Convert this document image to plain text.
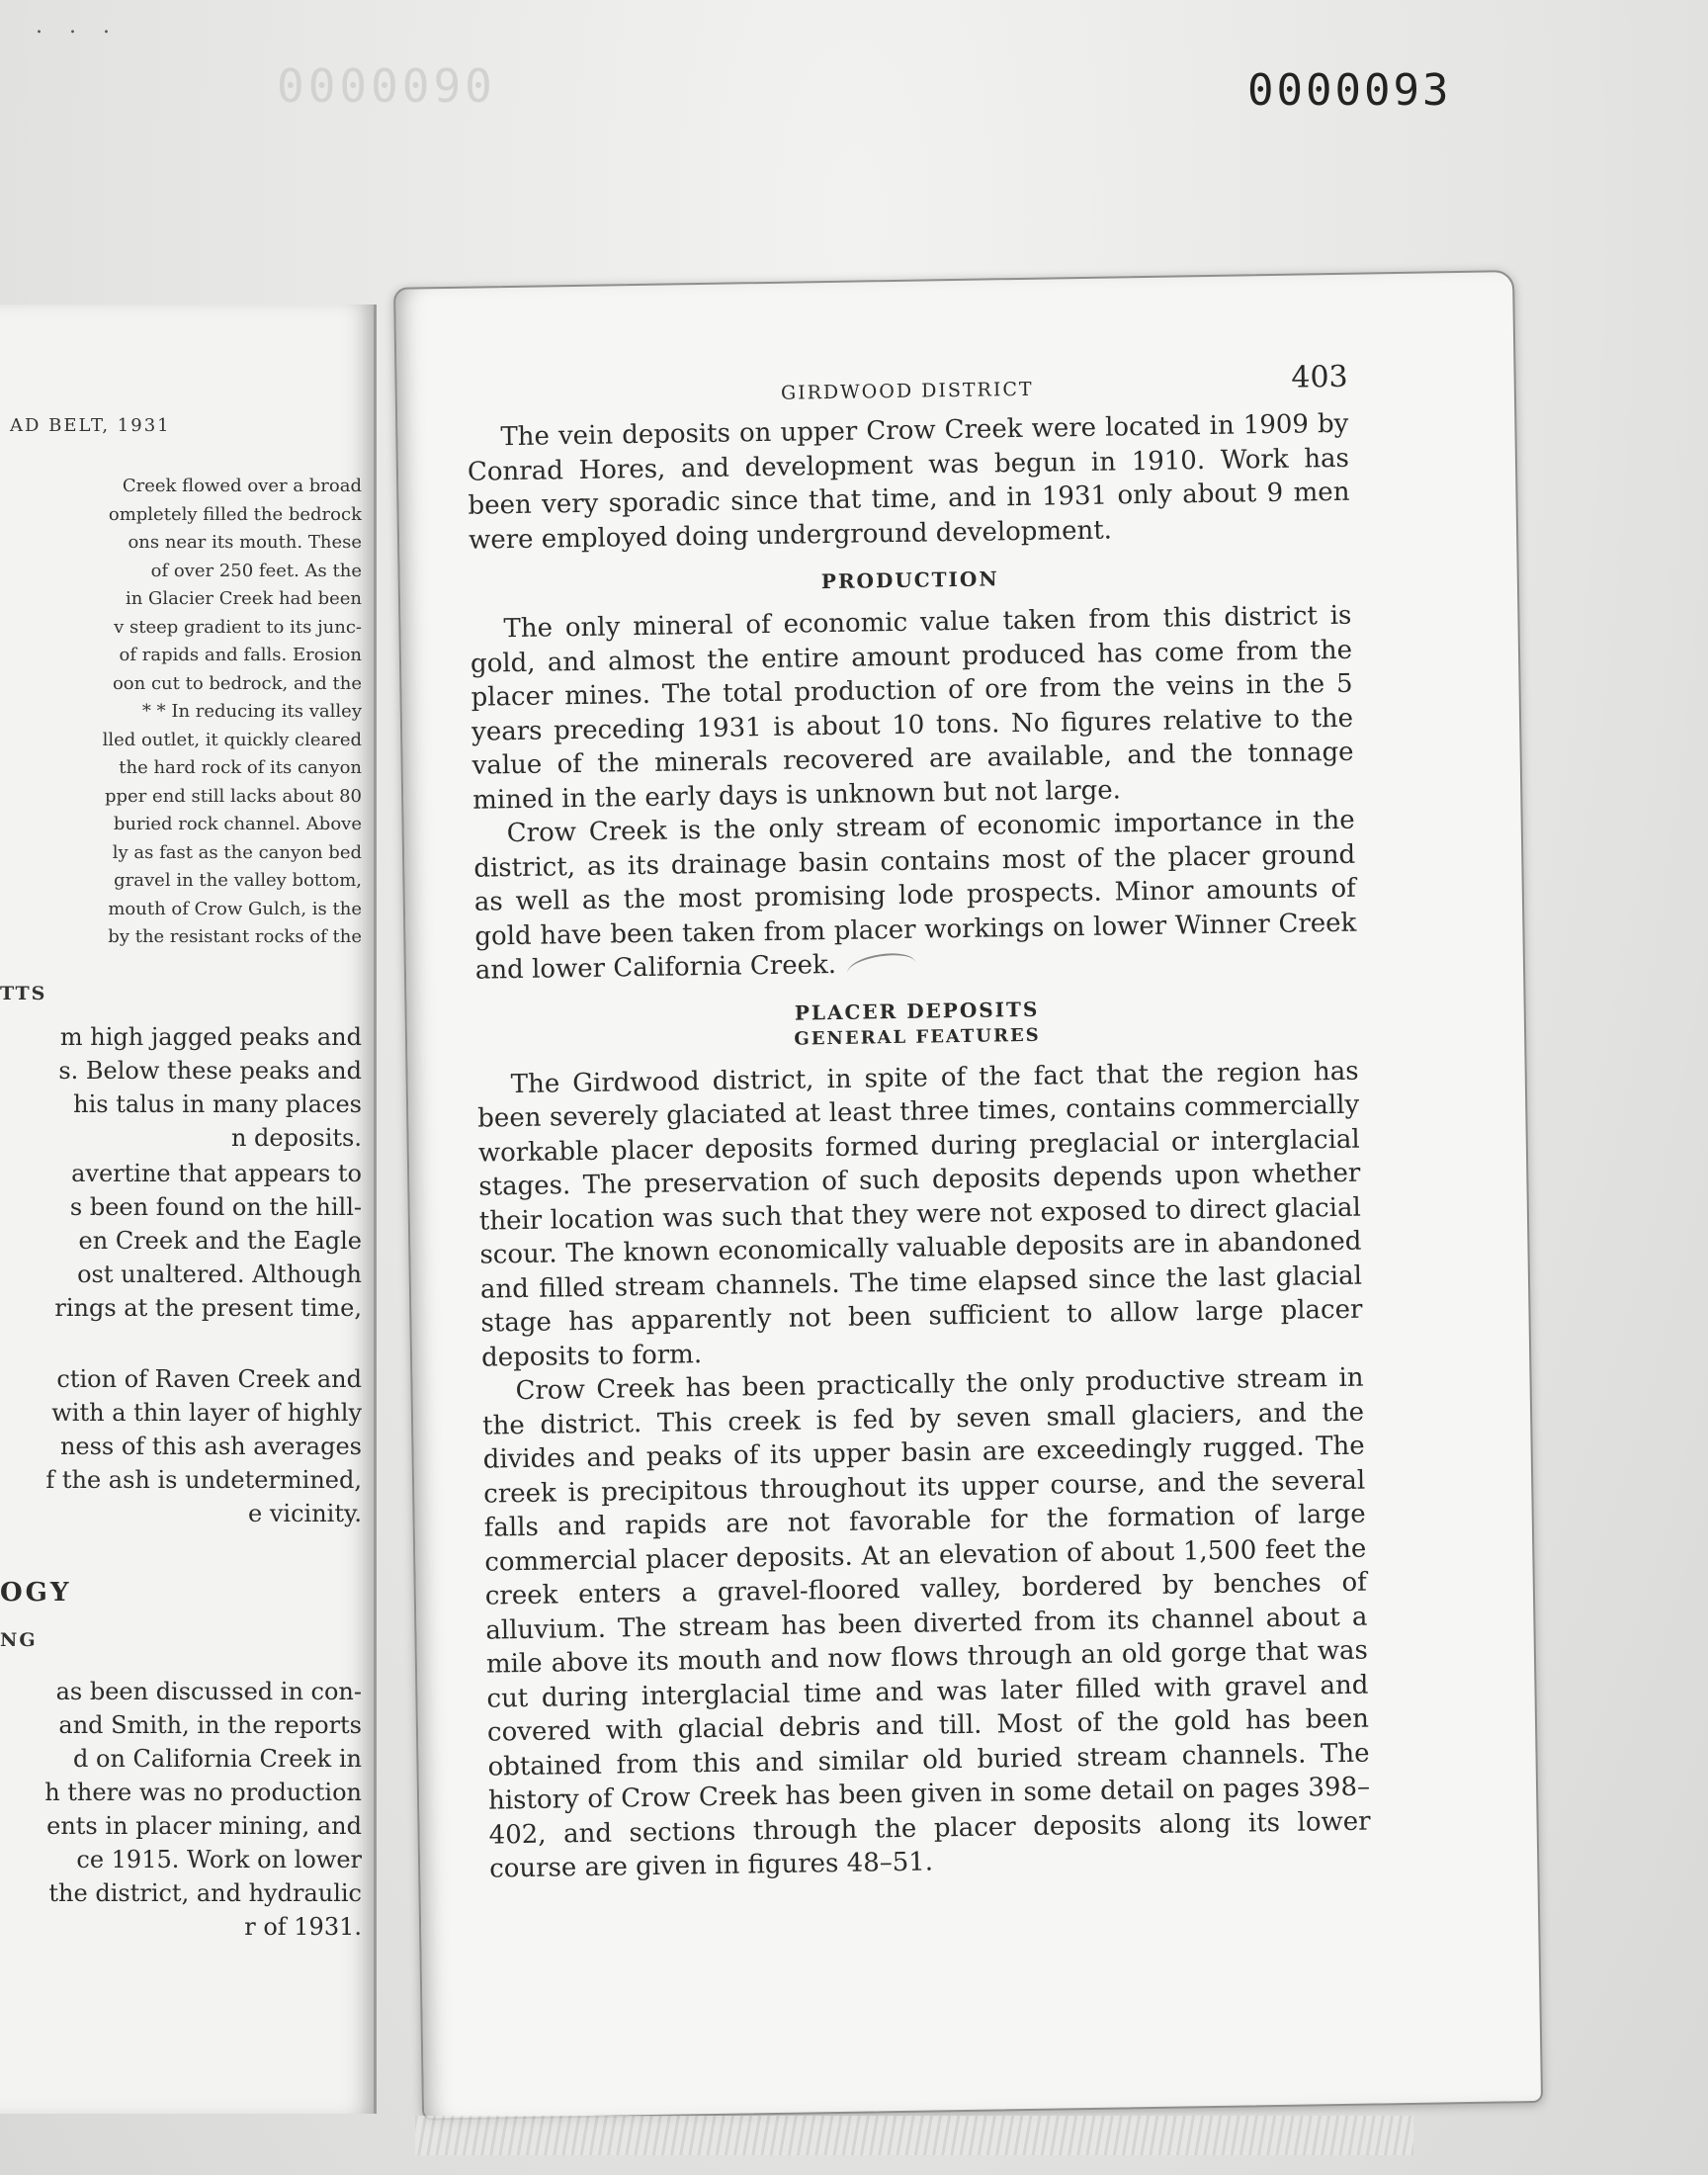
. . .
0000090	0000093
AD BELT, 1931
Creek flowed over a broad
ompletely filled the bedrock
ons near its mouth. These
of over 250 feet. As the
in Glacier Creek had been
v steep gradient to its junc-
of rapids and falls. Erosion
oon cut to bedrock, and the
* * In reducing its valley
lled outlet, it quickly cleared
the hard rock of its canyon
pper end still lacks about 80
buried rock channel. Above
ly as fast as the canyon bed
gravel in the valley bottom,
mouth of Crow Gulch, is the
by the resistant rocks of the
TTS
m high jagged peaks and
s. Below these peaks and
his talus in many places
n deposits.
avertine that appears to
s been found on the hill-
en Creek and the Eagle
ost unaltered. Although
rings at the present time,
ction of Raven Creek and
with a thin layer of highly
ness of this ash averages
f the ash is undetermined,
e vicinity.
OGY
NG
as been discussed in con-
and Smith, in the reports
d on California Creek in
h there was no production
ents in placer mining, and
ce 1915. Work on lower
the district, and hydraulic
r of 1931.
GIRDWOOD DISTRICT	403

The vein deposits on upper Crow Creek were located in 1909 by Conrad Hores, and development was begun in 1910. Work has been very sporadic since that time, and in 1931 only about 9 men were employed doing underground development.

PRODUCTION

The only mineral of economic value taken from this district is gold, and almost the entire amount produced has come from the placer mines. The total production of ore from the veins in the 5 years preceding 1931 is about 10 tons. No figures relative to the value of the minerals recovered are available, and the tonnage mined in the early days is unknown but not large.

Crow Creek is the only stream of economic importance in the district, as its drainage basin contains most of the placer ground as well as the most promising lode prospects. Minor amounts of gold have been taken from placer workings on lower Winner Creek and lower California Creek.

PLACER DEPOSITS
GENERAL FEATURES

The Girdwood district, in spite of the fact that the region has been severely glaciated at least three times, contains commercially workable placer deposits formed during preglacial or interglacial stages. The preservation of such deposits depends upon whether their location was such that they were not exposed to direct glacial scour. The known economically valuable deposits are in abandoned and filled stream channels. The time elapsed since the last glacial stage has apparently not been sufficient to allow large placer deposits to form.

Crow Creek has been practically the only productive stream in the district. This creek is fed by seven small glaciers, and the divides and peaks of its upper basin are exceedingly rugged. The creek is precipitous throughout its upper course, and the several falls and rapids are not favorable for the formation of large commercial placer deposits. At an elevation of about 1,500 feet the creek enters a gravel-floored valley, bordered by benches of alluvium. The stream has been diverted from its channel about a mile above its mouth and now flows through an old gorge that was cut during interglacial time and was later filled with gravel and covered with glacial debris and till. Most of the gold has been obtained from this and similar old buried stream channels. The history of Crow Creek has been given in some detail on pages 398–402, and sections through the placer deposits along its lower course are given in figures 48–51.
